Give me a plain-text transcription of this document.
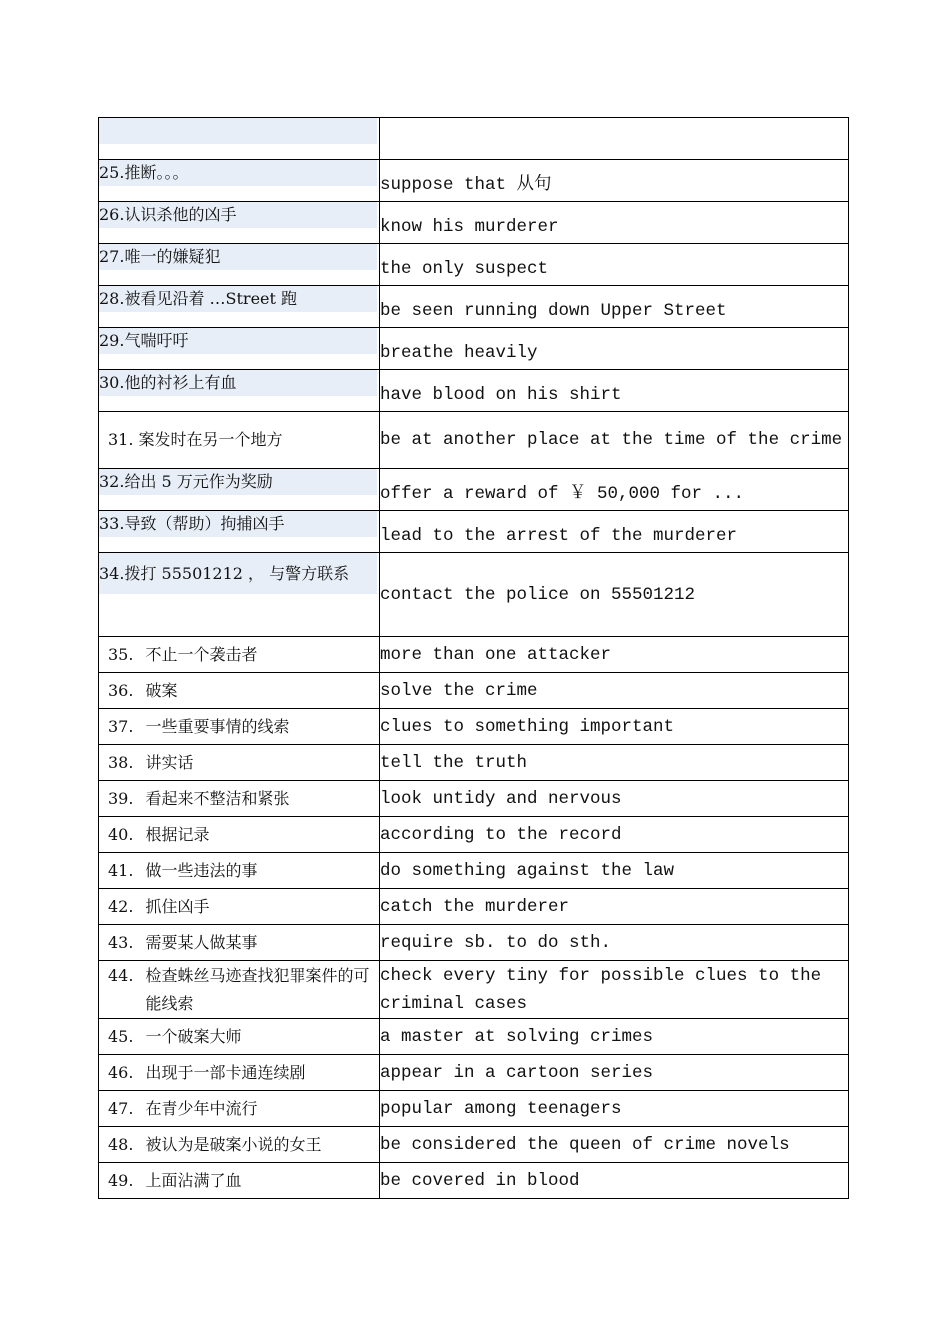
25.推断。。。	suppose that 从句

26.认识杀他的凶手	know his murderer

27.唯一的嫌疑犯	the only suspect

28.被看见沿着 …Street 跑	be seen running down Upper Street

29.气喘吁吁	breathe heavily

30.他的衬衫上有血	have blood on his shirt
31. 案发时在另一个地方	be at another place at the time of the crime

32.给出 5 万元作为奖励	offer a reward of ￥ 50,000 for ...

33.导致（帮助）拘捕凶手	lead to the arrest of the murderer

34.拨打 55501212 ， 与警方联系	contact the police on 55501212

35. 不止一个袭击者	more than one attacker

36. 破案	solve the crime

37. 一些重要事情的线索	clues to something important

38. 讲实话	tell the truth

39. 看起来不整洁和紧张	look untidy and nervous

40. 根据记录	according to the record

41. 做一些违法的事	do something against the law

42. 抓住凶手	catch the murderer

43. 需要某人做某事	require sb. to do sth.

44. 检查蛛丝马迹查找犯罪案件的可能线索	check every tiny for possible clues to the criminal cases

45. 一个破案大师	a master at solving crimes

46. 出现于一部卡通连续剧	appear in a cartoon series

47. 在青少年中流行	popular among teenagers

48. 被认为是破案小说的女王	be considered the queen of crime novels

49. 上面沾满了血	be covered in blood
